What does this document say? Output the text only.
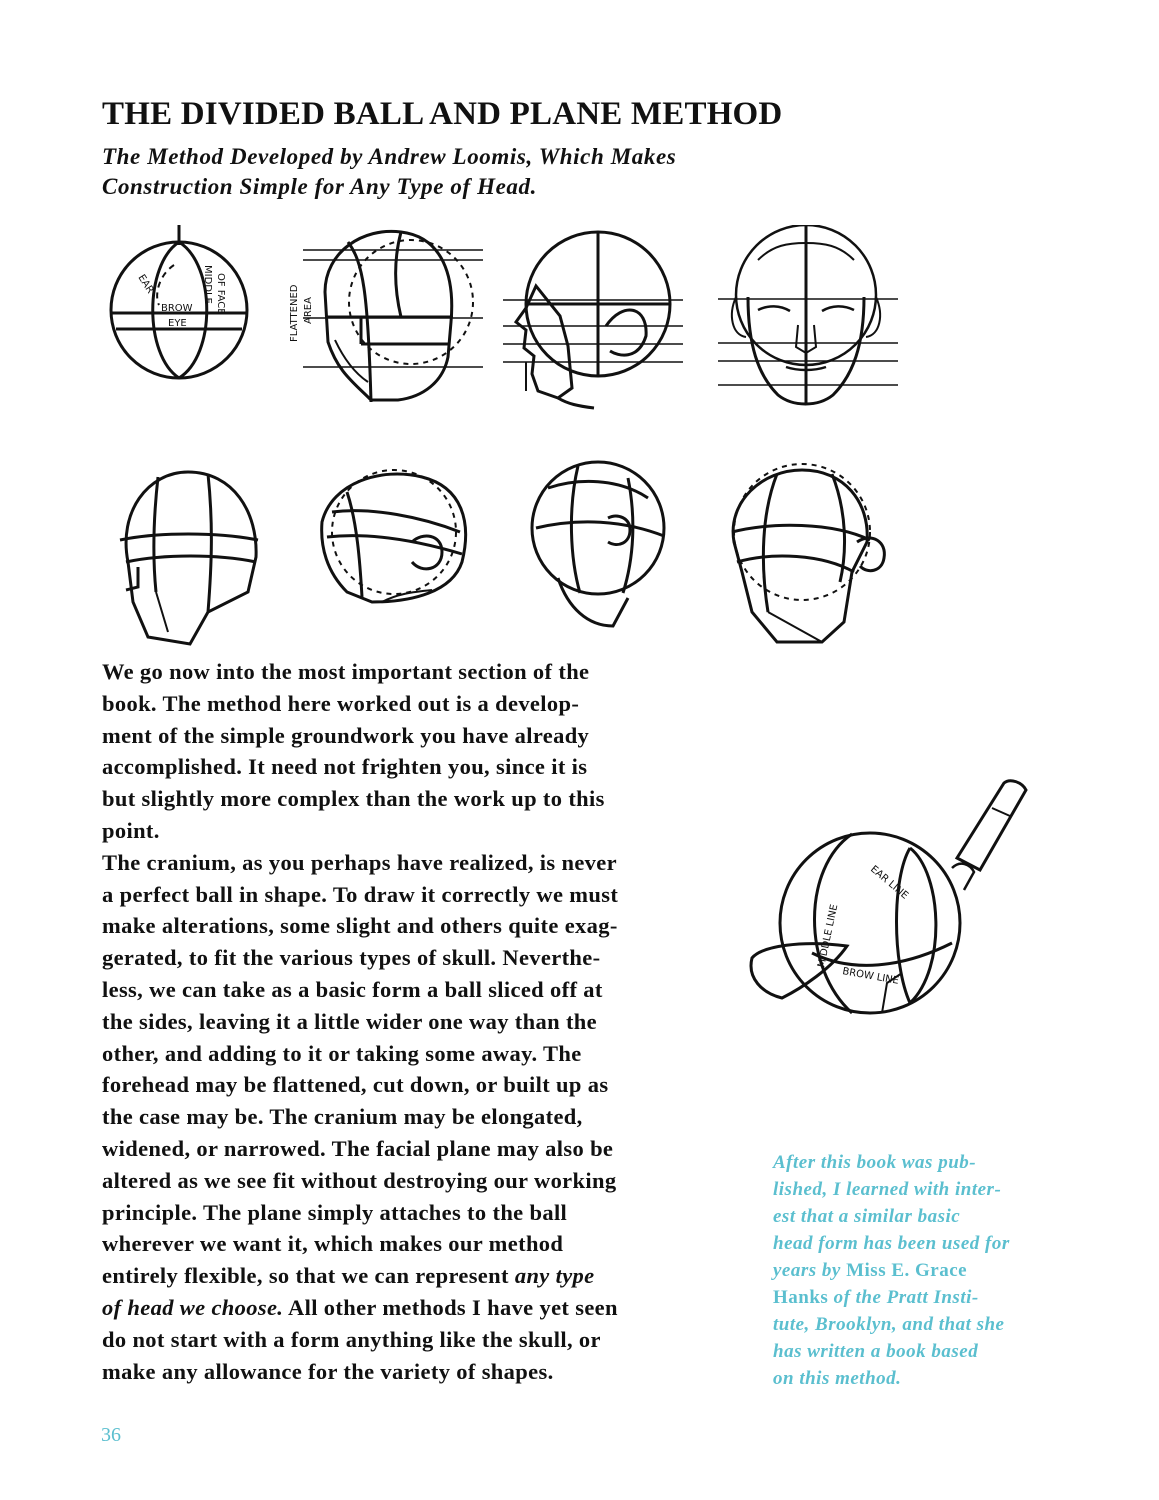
THE DIVIDED BALL AND PLANE METHOD

The Method Developed by Andrew Loomis, Which Makes
Construction Simple for Any Type of Head.

EAR	MIDDLE OF FACE
BROW
EYE	FLATTENED AREA
MIDDLE LINE
EAR LINE
BROW LINE
We go now into the most important section of the
book. The method here worked out is a develop-
ment of the simple groundwork you have already
accomplished. It need not frighten you, since it is
but slightly more complex than the work up to this
point.
The cranium, as you perhaps have realized, is never
a perfect ball in shape. To draw it correctly we must
make alterations, some slight and others quite exag-
gerated, to fit the various types of skull. Neverthe-
less, we can take as a basic form a ball sliced off at
the sides, leaving it a little wider one way than the
other, and adding to it or taking some away. The
forehead may be flattened, cut down, or built up as
the case may be. The cranium may be elongated,
widened, or narrowed. The facial plane may also be
altered as we see fit without destroying our working
principle. The plane simply attaches to the ball
wherever we want it, which makes our method
entirely flexible, so that we can represent any type
of head we choose. All other methods I have yet seen
do not start with a form anything like the skull, or
make any allowance for the variety of shapes.
After this book was pub-
lished, I learned with inter-
est that a similar basic
head form has been used for
years by Miss E. Grace
Hanks of the Pratt Insti-
tute, Brooklyn, and that she
has written a book based
on this method.
36
